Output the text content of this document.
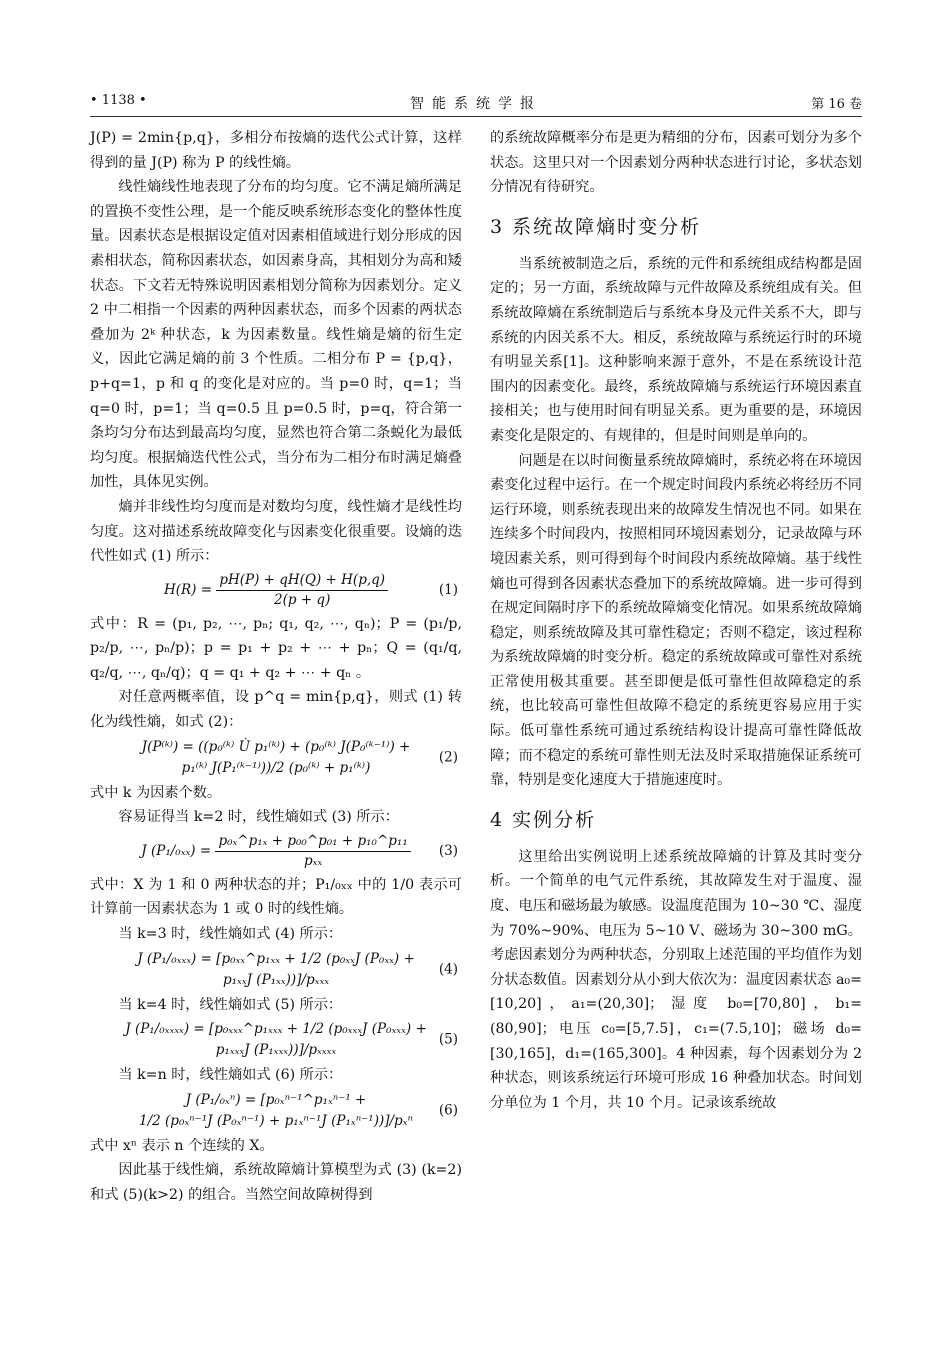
• 1138 •	智能系统学报	第 16 卷

J(P) = 2min{p,q}，多相分布按熵的迭代公式计算，这样得到的量 J(P) 称为 P 的线性熵。

线性熵线性地表现了分布的均匀度。它不满足熵所满足的置换不变性公理，是一个能反映系统形态变化的整体性度量。因素状态是根据设定值对因素相值域进行划分形成的因素相状态，简称因素状态，如因素身高，其相划分为高和矮状态。下文若无特殊说明因素相划分简称为因素划分。定义 2 中二相指一个因素的两种因素状态，而多个因素的两状态叠加为 2ᵏ 种状态，k 为因素数量。线性熵是熵的衍生定义，因此它满足熵的前 3 个性质。二相分布 P = {p,q}，p+q=1，p 和 q 的变化是对应的。当 p=0 时，q=1；当 q=0 时，p=1；当 q=0.5 且 p=0.5 时，p=q，符合第一条均匀分布达到最高均匀度，显然也符合第二条蜕化为最低均匀度。根据熵迭代性公式，当分布为二相分布时满足熵叠加性，具体见实例。

熵并非线性均匀度而是对数均匀度，线性熵才是线性均匀度。这对描述系统故障变化与因素变化很重要。设熵的迭代性如式 (1) 所示：

$H(R) = \frac{pH(P) + qH(Q) + H(p,q)}{2(p + q)}$	(1)

式中：R = (p₁, p₂, ⋯, pₙ; q₁, q₂, ⋯, qₙ)；P = (p₁/p, p₂/p, ⋯, pₙ/p)；p = p₁ + p₂ + ⋯ + pₙ；Q = (q₁/q, q₂/q, ⋯, qₙ/q)；q = q₁ + q₂ + ⋯ + qₙ 。

对任意两概率值，设 p^q = min{p,q}，则式 (1) 转化为线性熵，如式 (2)：

J(P⁽ᵏ⁾) = ((p₀⁽ᵏ⁾ Ù p₁⁽ᵏ⁾) + (p₀⁽ᵏ⁾ J(P₀⁽ᵏ⁻¹⁾) +
p₁⁽ᵏ⁾ J(P₁⁽ᵏ⁻¹⁾))/2 (p₀⁽ᵏ⁾ + p₁⁽ᵏ⁾)
(2)

式中 k 为因素个数。

容易证得当 k=2 时，线性熵如式 (3) 所示：

J $(P_1/_{0xx}) = \frac{\text{p₀ₓ\textasciicircum{}p₁ₓ + p₀₀\textasciicircum{}p₀₁ + p₁₀\textasciicircum{}p₁₁}}{\text{pₓₓ}} (3)$

式中：X 为 1 和 0 两种状态的并；P₁/₀ₓₓ 中的 1/0 表示可计算前一因素状态为 1 或 0 时的线性熵。

当 k=3 时，线性熵如式 (4) 所示：

J (P₁/₀ₓₓₓ) = [p₀ₓₓ^p₁ₓₓ + 1/2 (p₀ₓₓJ (P₀ₓₓ) +
p₁ₓₓJ (P₁ₓₓ))]/pₓₓₓ
(4)

当 k=4 时，线性熵如式 (5) 所示：

J (P₁/₀ₓₓₓₓ) = [p₀ₓₓₓ^p₁ₓₓₓ + 1/2 (p₀ₓₓₓJ (P₀ₓₓₓ) +
p₁ₓₓₓJ (P₁ₓₓₓ))]/pₓₓₓₓ
(5)

当 k=n 时，线性熵如式 (6) 所示：

J (P₁/₀ₓⁿ) = [p₀ₓⁿ⁻¹^p₁ₓⁿ⁻¹ +
1/2 (p₀ₓⁿ⁻¹J (P₀ₓⁿ⁻¹) + p₁ₓⁿ⁻¹J (P₁ₓⁿ⁻¹))]/pₓⁿ
(6)

式中 xⁿ 表示 n 个连续的 X。

因此基于线性熵，系统故障熵计算模型为式 (3) (k=2) 和式 (5)(k>2) 的组合。当然空间故障树得到

的系统故障概率分布是更为精细的分布，因素可划分为多个状态。这里只对一个因素划分两种状态进行讨论，多状态划分情况有待研究。

3 系统故障熵时变分析

当系统被制造之后，系统的元件和系统组成结构都是固定的；另一方面，系统故障与元件故障及系统组成有关。但系统故障熵在系统制造后与系统本身及元件关系不大，即与系统的内因关系不大。相反，系统故障与系统运行时的环境有明显关系[1]。这种影响来源于意外，不是在系统设计范围内的因素变化。最终，系统故障熵与系统运行环境因素直接相关；也与使用时间有明显关系。更为重要的是，环境因素变化是限定的、有规律的，但是时间则是单向的。

问题是在以时间衡量系统故障熵时，系统必将在环境因素变化过程中运行。在一个规定时间段内系统必将经历不同运行环境，则系统表现出来的故障发生情况也不同。如果在连续多个时间段内，按照相同环境因素划分，记录故障与环境因素关系，则可得到每个时间段内系统故障熵。基于线性熵也可得到各因素状态叠加下的系统故障熵。进一步可得到在规定间隔时序下的系统故障熵变化情况。如果系统故障熵稳定，则系统故障及其可靠性稳定；否则不稳定，该过程称为系统故障熵的时变分析。稳定的系统故障或可靠性对系统正常使用极其重要。甚至即便是低可靠性但故障稳定的系统，也比较高可靠性但故障不稳定的系统更容易应用于实际。低可靠性系统可通过系统结构设计提高可靠性降低故障；而不稳定的系统可靠性则无法及时采取措施保证系统可靠，特别是变化速度大于措施速度时。

4 实例分析

这里给出实例说明上述系统故障熵的计算及其时变分析。一个简单的电气元件系统，其故障发生对于温度、湿度、电压和磁场最为敏感。设温度范围为 10~30 ℃、湿度为 70%~90%、电压为 5~10 V、磁场为 30~300 mG。考虑因素划分为两种状态，分别取上述范围的平均值作为划分状态数值。因素划分从小到大依次为：温度因素状态 a₀=[10,20]，a₁=(20,30]；湿度 b₀=[70,80]，b₁=(80,90]；电压 c₀=[5,7.5]，c₁=(7.5,10]；磁场 d₀=[30,165]，d₁=(165,300]。4 种因素，每个因素划分为 2 种状态，则该系统运行环境可形成 16 种叠加状态。时间划分单位为 1 个月，共 10 个月。记录该系统故
